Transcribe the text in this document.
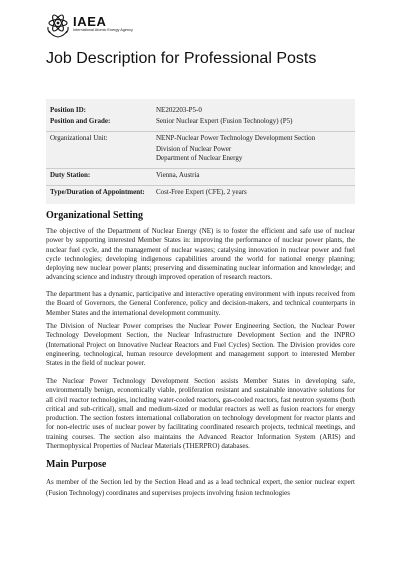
IAEA
International Atomic Energy Agency
Job Description for Professional Posts

Position ID:	NE202203-P5-0
Position and Grade:	Senior Nuclear Expert (Fusion Technology) (P5)

Organizational Unit:	NENP-Nuclear Power Technology Development Section
Division of Nuclear Power
Department of Nuclear Energy

Duty Station:	Vienna, Austria

Type/Duration of Appointment:	Cost-Free Expert (CFE), 2 years

Organizational Setting

The objective of the Department of Nuclear Energy (NE) is to foster the efficient and safe use of nuclear power by supporting interested Member States in: improving the performance of nuclear power plants, the nuclear fuel cycle, and the management of nuclear wastes; catalysing innovation in nuclear power and fuel cycle technologies; developing indigenous capabilities around the world for national energy planning; deploying new nuclear power plants; preserving and disseminating nuclear information and knowledge; and advancing science and industry through improved operation of research reactors.

The department has a dynamic, participative and interactive operating environment with inputs received from the Board of Governors, the General Conference, policy and decision-makers, and technical counterparts in Member States and the international development community.

The Division of Nuclear Power comprises the Nuclear Power Engineering Section, the Nuclear Power Technology Development Section, the Nuclear Infrastructure Development Section and the INPRO (International Project on Innovative Nuclear Reactors and Fuel Cycles) Section. The Division provides core engineering, technological, human resource development and management support to interested Member States in the field of nuclear power.

The Nuclear Power Technology Development Section assists Member States in developing safe, environmentally benign, economically viable, proliferation resistant and sustainable innovative solutions for all civil reactor technologies, including water-cooled reactors, gas-cooled reactors, fast neutron systems (both critical and sub-critical), small and medium-sized or modular reactors as well as fusion reactors for energy production. The section fosters international collaboration on technology development for reactor plants and for non-electric uses of nuclear power by facilitating coordinated research projects, technical meetings, and training courses. The section also maintains the Advanced Reactor Information System (ARIS) and Thermophysical Properties of Nuclear Materials (THERPRO) databases.

Main Purpose

As member of the Section led by the Section Head and as a lead technical expert, the senior nuclear expert (Fusion Technology) coordinates and supervises projects involving fusion technologies
